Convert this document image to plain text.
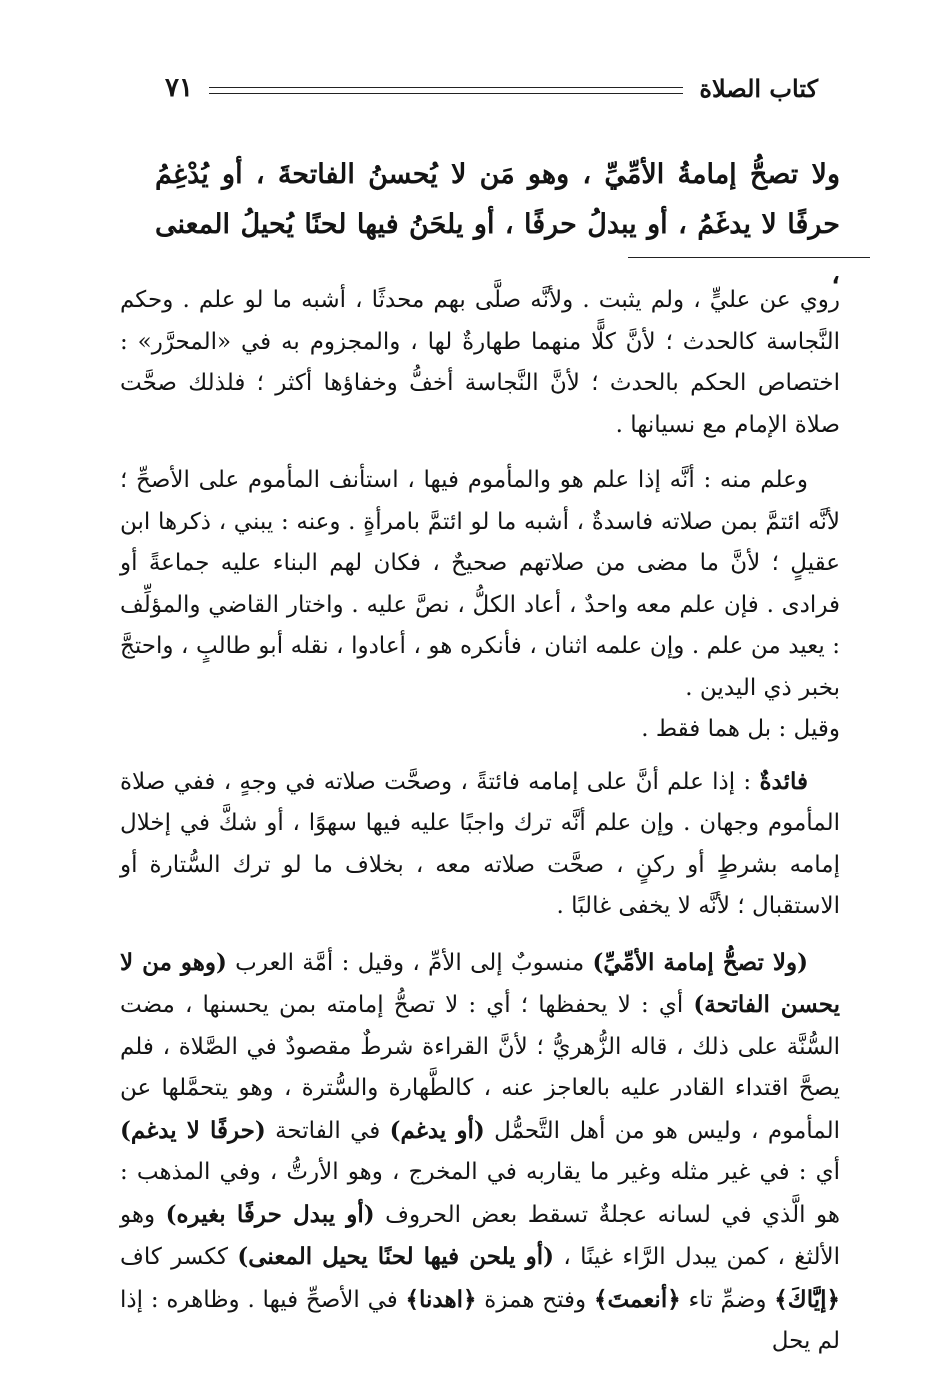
كتاب الصلاة
٧١
ولا تصحُّ إمامةُ الأمِّيِّ ، وهو مَن لا يُحسنُ الفاتحةَ ، أو يُدْغِمُ حرفًا لا يدغَمُ ، أو يبدلُ حرفًا ، أو يلحَنُ فيها لحنًا يُحيلُ المعنى ،

روي عن عليٍّ ، ولم يثبت . ولأنَّه صلَّى بهم محدثًا ، أشبه ما لو علم . وحكم النَّجاسة كالحدث ؛ لأنَّ كلًّا منهما طهارةٌ لها ، والمجزوم به في «المحرَّر» : اختصاص الحكم بالحدث ؛ لأنَّ النَّجاسة أخفُّ وخفاؤها أكثر ؛ فلذلك صحَّت صلاة الإمام مع نسيانها .

وعلم منه : أنَّه إذا علم هو والمأموم فيها ، استأنف المأموم على الأصحِّ ؛ لأنَّه ائتمَّ بمن صلاته فاسدةٌ ، أشبه ما لو ائتمَّ بامرأةٍ . وعنه : يبني ، ذكرها ابن عقيلٍ ؛ لأنَّ ما مضى من صلاتهم صحيحٌ ، فكان لهم البناء عليه جماعةً أو فرادى . فإن علم معه واحدٌ ، أعاد الكلُّ ، نصَّ عليه . واختار القاضي والمؤلِّف : يعيد من علم . وإن علمه اثنان ، فأنكره هو ، أعادوا ، نقله أبو طالبٍ ، واحتجَّ بخبر ذي اليدين .
وقيل : بل هما فقط .

فائدةٌ : إذا علم أنَّ على إمامه فائتةً ، وصحَّت صلاته في وجهٍ ، ففي صلاة المأموم وجهان . وإن علم أنَّه ترك واجبًا عليه فيها سهوًا ، أو شكَّ في إخلال إمامه بشرطٍ أو ركنٍ ، صحَّت صلاته معه ، بخلاف ما لو ترك السُّتارة أو الاستقبال ؛ لأنَّه لا يخفى غالبًا .

(ولا تصحُّ إمامة الأمِّيِّ) منسوبٌ إلى الأمِّ ، وقيل : أمَّة العرب (وهو من لا يحسن الفاتحة) أي : لا يحفظها ؛ أي : لا تصحُّ إمامته بمن يحسنها ، مضت السُّنَّة على ذلك ، قاله الزُّهريُّ ؛ لأنَّ القراءة شرطٌ مقصودٌ في الصَّلاة ، فلم يصحَّ اقتداء القادر عليه بالعاجز عنه ، كالطَّهارة والسُّترة ، وهو يتحمَّلها عن المأموم ، وليس هو من أهل التَّحمُّل (أو يدغم) في الفاتحة (حرفًا لا يدغم) أي : في غير مثله وغير ما يقاربه في المخرج ، وهو الأرتُّ ، وفي المذهب : هو الَّذي في لسانه عجلةٌ تسقط بعض الحروف (أو يبدل حرفًا بغيره) وهو الألثغ ، كمن يبدل الرَّاء غينًا ، (أو يلحن فيها لحنًا يحيل المعنى) ككسر كاف ﴿إيَّاكَ﴾ وضمِّ تاء ﴿أنعمتَ﴾ وفتح همزة ﴿اهدنا﴾ في الأصحِّ فيها . وظاهره : إذا لم يحل
